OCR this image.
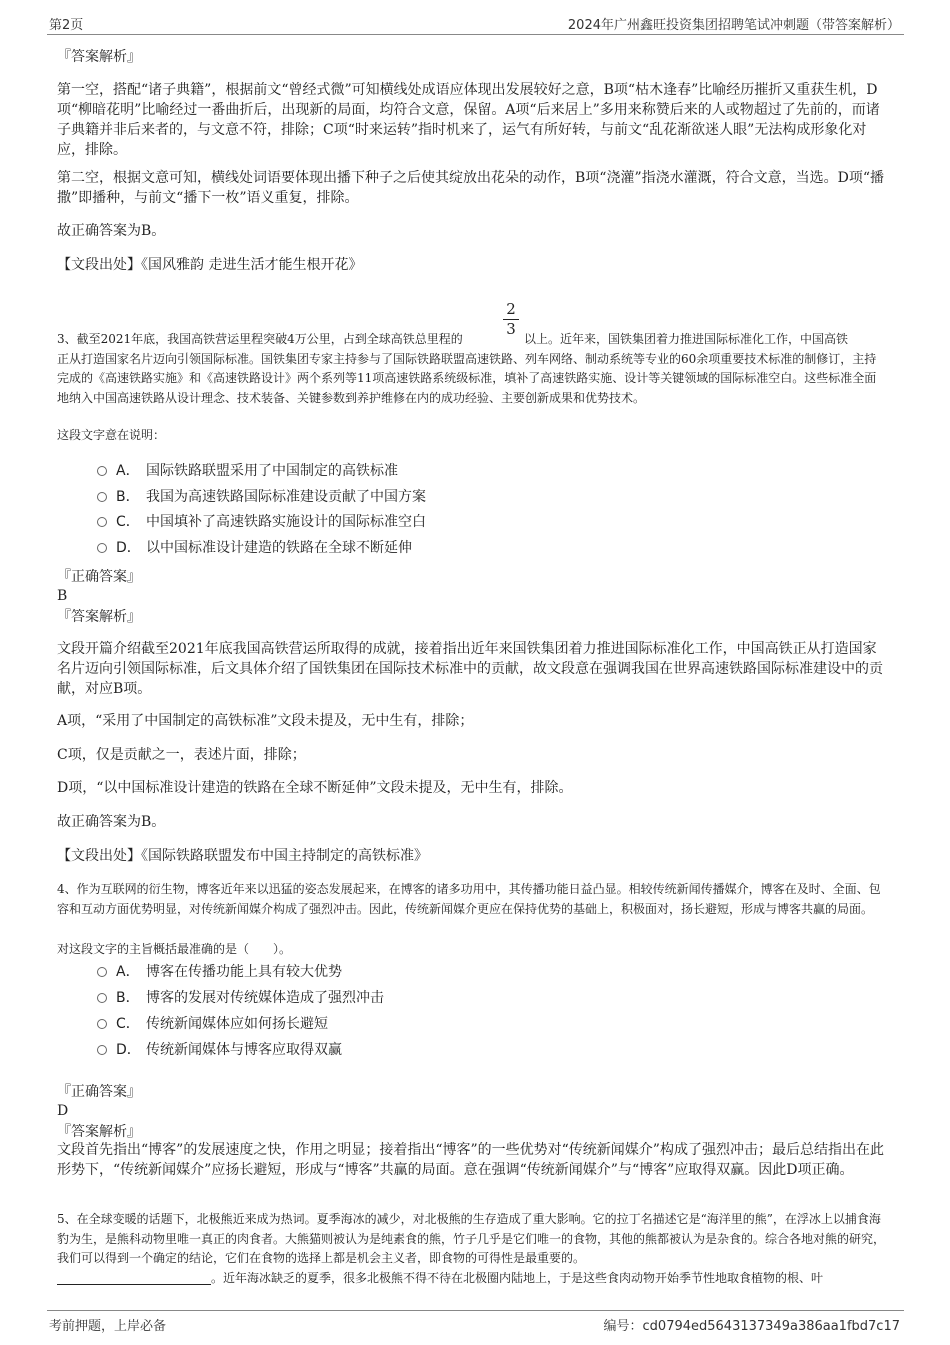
第2页	2024年广州鑫旺投资集团招聘笔试冲刺题（带答案解析）
『答案解析』

第一空，搭配“诸子典籍”，根据前文“曾经式微”可知横线处成语应体现出发展较好之意，B项“枯木逢春”比喻经历摧折又重获生机，D项“柳暗花明”比喻经过一番曲折后，出现新的局面，均符合文意，保留。A项“后来居上”多用来称赞后来的人或物超过了先前的，而诸子典籍并非后来者的，与文意不符，排除；C项“时来运转”指时机来了，运气有所好转，与前文“乱花渐欲迷人眼”无法构成形象化对应，排除。

第二空，根据文意可知，横线处词语要体现出播下种子之后使其绽放出花朵的动作，B项“浇灌”指浇水灌溉，符合文意，当选。D项“播撒”即播种，与前文“播下一枚”语义重复，排除。

故正确答案为B。
【文段出处】《国风雅韵 走进生活才能生根开花》
3、截至2021年底，我国高铁营运里程突破4万公里，占到全球高铁总里程的	$\frac{2}{3}$ 以上。近年来，国铁集团着力推进国际标准化工作，中国高铁

正从打造国家名片迈向引领国际标准。国铁集团专家主持参与了国际铁路联盟高速铁路、列车网络、制动系统等专业的60余项重要技术标准的制修订，主持完成的《高速铁路实施》和《高速铁路设计》两个系列等11项高速铁路系统级标准，填补了高速铁路实施、设计等关键领域的国际标准空白。这些标准全面地纳入中国高速铁路从设计理念、技术装备、关键参数到养护维修在内的成功经验、主要创新成果和优势技术。

这段文字意在说明：
A． 国际铁路联盟采用了中国制定的高铁标准
B． 我国为高速铁路国际标准建设贡献了中国方案
C． 中国填补了高速铁路实施设计的国际标准空白
D． 以中国标准设计建造的铁路在全球不断延伸
『正确答案』
B
『答案解析』

文段开篇介绍截至2021年底我国高铁营运所取得的成就，接着指出近年来国铁集团着力推进国际标准化工作，中国高铁正从打造国家名片迈向引领国际标准，后文具体介绍了国铁集团在国际技术标准中的贡献，故文段意在强调我国在世界高速铁路国际标准建设中的贡献，对应B项。

A项，“采用了中国制定的高铁标准”文段未提及，无中生有，排除；
C项，仅是贡献之一，表述片面，排除；
D项，“以中国标准设计建造的铁路在全球不断延伸”文段未提及，无中生有，排除。
故正确答案为B。
【文段出处】《国际铁路联盟发布中国主持制定的高铁标准》

4、作为互联网的衍生物，博客近年来以迅猛的姿态发展起来，在博客的诸多功用中，其传播功能日益凸显。相较传统新闻传播媒介，博客在及时、全面、包容和互动方面优势明显，对传统新闻媒介构成了强烈冲击。因此，传统新闻媒介更应在保持优势的基础上，积极面对，扬长避短，形成与博客共赢的局面。

对这段文字的主旨概括最准确的是（　　）。
A． 博客在传播功能上具有较大优势
B． 博客的发展对传统媒体造成了强烈冲击
C． 传统新闻媒体应如何扬长避短
D． 传统新闻媒体与博客应取得双赢
『正确答案』
D
『答案解析』

文段首先指出“博客”的发展速度之快，作用之明显；接着指出“博客”的一些优势对“传统新闻媒介”构成了强烈冲击；最后总结指出在此形势下，“传统新闻媒介”应扬长避短，形成与“博客”共赢的局面。意在强调“传统新闻媒介”与“博客”应取得双赢。因此D项正确。

5、在全球变暖的话题下，北极熊近来成为热词。夏季海冰的减少，对北极熊的生存造成了重大影响。它的拉丁名描述它是“海洋里的熊”，在浮冰上以捕食海豹为生，是熊科动物里唯一真正的肉食者。大熊猫则被认为是纯素食的熊，竹子几乎是它们唯一的食物，其他的熊都被认为是杂食的。综合各地对熊的研究，我们可以得到一个确定的结论，它们在食物的选择上都是机会主义者，即食物的可得性是最重要的。

。近年海冰缺乏的夏季，很多北极熊不得不待在北极圈内陆地上，于是这些食肉动物开始季节性地取食植物的根、叶
考前押题，上岸必备	编号：cd0794ed5643137349a386aa1fbd7c17
